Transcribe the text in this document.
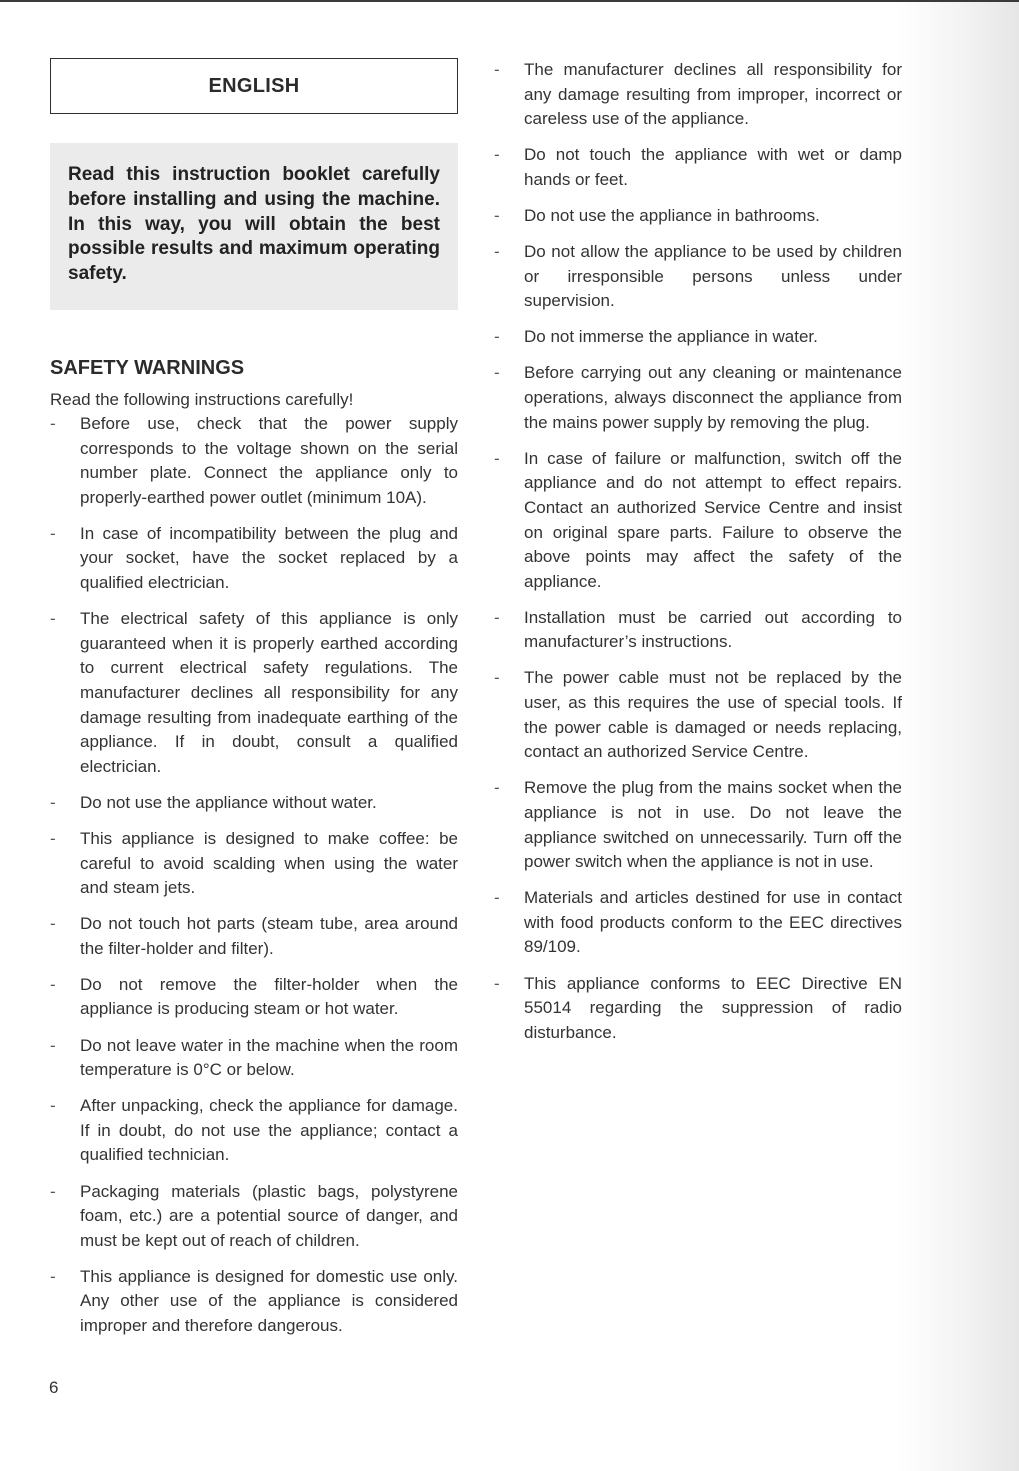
ENGLISH
Read this instruction booklet carefully before installing and using the machine. In this way, you will obtain the best possible results and maximum operating safety.
SAFETY WARNINGS
Read the following instructions carefully!
-	Before use, check that the power supply corresponds to the voltage shown on the serial number plate. Connect the appliance only to properly-earthed power outlet (minimum 10A).
-	In case of incompatibility between the plug and your socket, have the socket replaced by a qualified electrician.
-	The electrical safety of this appliance is only guaranteed when it is properly earthed according to current electrical safety regulations. The manufacturer declines all responsibility for any damage resulting from inadequate earthing of the appliance. If in doubt, consult a qualified electrician.
-	Do not use the appliance without water.
-	This appliance is designed to make coffee: be careful to avoid scalding when using the water and steam jets.
-	Do not touch hot parts (steam tube, area around the filter-holder and filter).
-	Do not remove the filter-holder when the appliance is producing steam or hot water.
-	Do not leave water in the machine when the room temperature is 0°C or below.
-	After unpacking, check the appliance for damage. If in doubt, do not use the appliance; contact a qualified technician.
-	Packaging materials (plastic bags, polystyrene foam, etc.) are a potential source of danger, and must be kept out of reach of children.
-	This appliance is designed for domestic use only. Any other use of the appliance is considered improper and therefore dangerous.
-	The manufacturer declines all responsibility for any damage resulting from improper, incorrect or careless use of the appliance.
-	Do not touch the appliance with wet or damp hands or feet.
-	Do not use the appliance in bathrooms.
-	Do not allow the appliance to be used by children or irresponsible persons unless under supervision.
-	Do not immerse the appliance in water.
-	Before carrying out any cleaning or maintenance operations, always disconnect the appliance from the mains power supply by removing the plug.
-	In case of failure or malfunction, switch off the appliance and do not attempt to effect repairs. Contact an authorized Service Centre and insist on original spare parts. Failure to observe the above points may affect the safety of the appliance.
-	Installation must be carried out according to manufacturer’s instructions.
-	The power cable must not be replaced by the user, as this requires the use of special tools. If the power cable is damaged or needs replacing, contact an authorized Service Centre.
-	Remove the plug from the mains socket when the appliance is not in use. Do not leave the appliance switched on unnecessarily. Turn off the power switch when the appliance is not in use.
-	Materials and articles destined for use in contact with food products conform to the EEC directives 89/109.
-	This appliance conforms to EEC Directive EN 55014 regarding the suppression of radio disturbance.
6
